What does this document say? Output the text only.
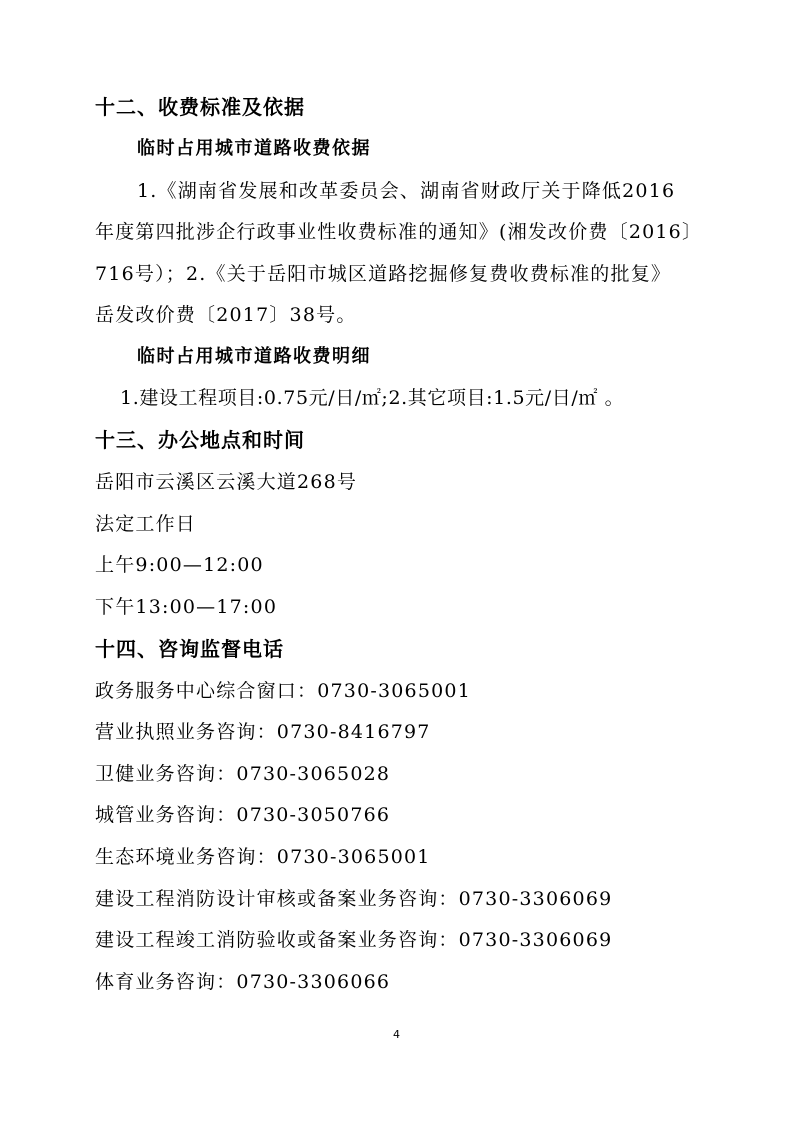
十二、收费标准及依据
临时占用城市道路收费依据
1.《湖南省发展和改革委员会、湖南省财政厅关于降低2016
年度第四批涉企行政事业性收费标准的通知》(湘发改价费〔2016〕
716号）；2.《关于岳阳市城区道路挖掘修复费收费标准的批复》
岳发改价费〔2017〕38号。
临时占用城市道路收费明细
1.建设工程项目:0.75元/日/㎡;2.其它项目:1.5元/日/㎡ 。
十三、办公地点和时间
岳阳市云溪区云溪大道268号
法定工作日
上午9:00—12:00
下午13:00—17:00
十四、咨询监督电话
政务服务中心综合窗口：0730-3065001
营业执照业务咨询：0730-8416797
卫健业务咨询：0730-3065028
城管业务咨询：0730-3050766
生态环境业务咨询：0730-3065001
建设工程消防设计审核或备案业务咨询：0730-3306069
建设工程竣工消防验收或备案业务咨询：0730-3306069
体育业务咨询：0730-3306066
4
